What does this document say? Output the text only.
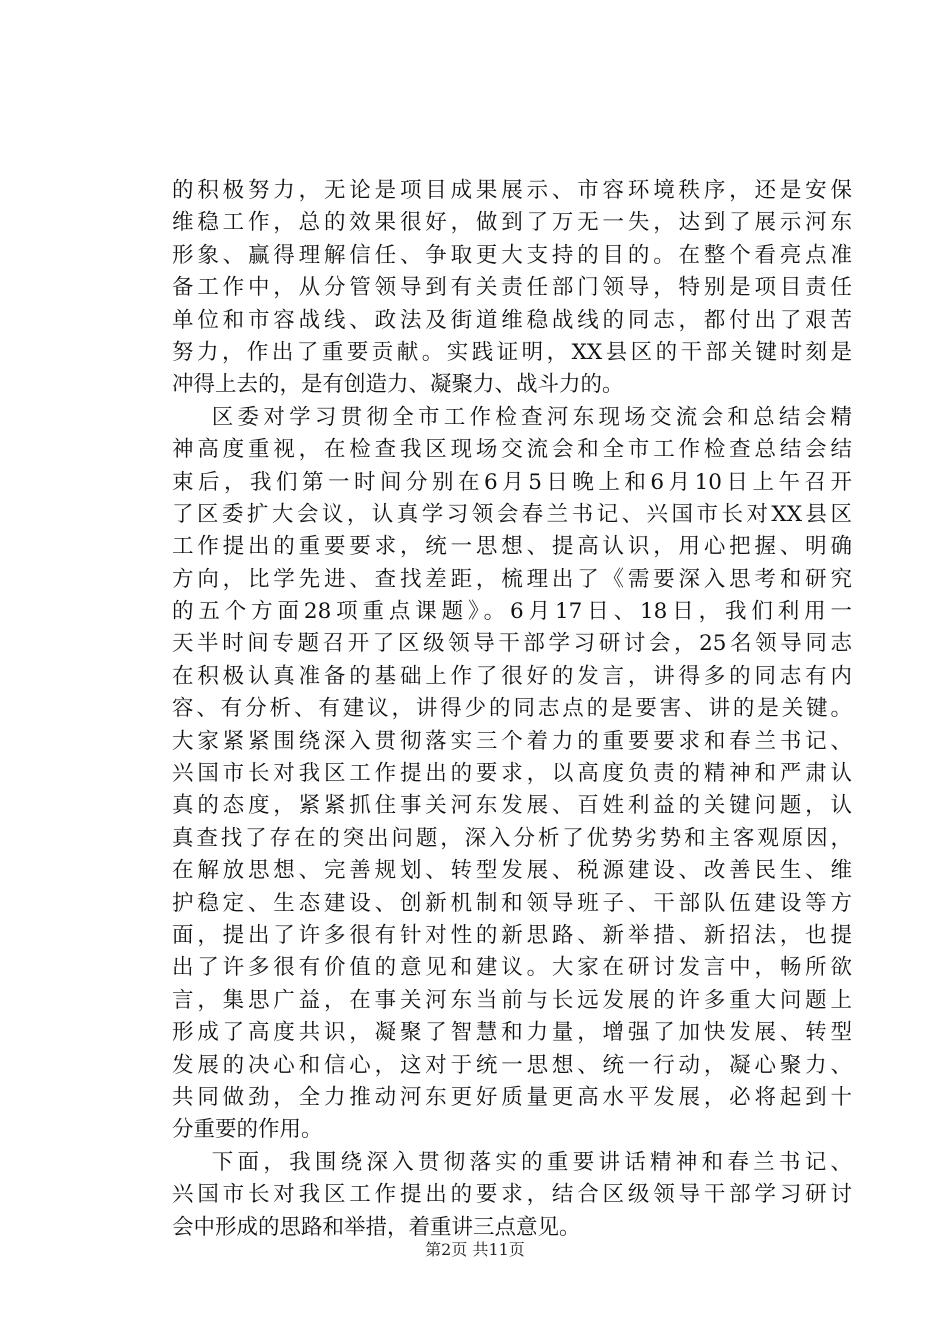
的积极努力，无论是项目成果展示、市容环境秩序，还是安保
维稳工作，总的效果很好，做到了万无一失，达到了展示河东
形象、赢得理解信任、争取更大支持的目的。在整个看亮点准
备工作中，从分管领导到有关责任部门领导，特别是项目责任
单位和市容战线、政法及街道维稳战线的同志，都付出了艰苦
努力，作出了重要贡献。实践证明，XX县区的干部关键时刻是
冲得上去的，是有创造力、凝聚力、战斗力的。
　区委对学习贯彻全市工作检查河东现场交流会和总结会精
神高度重视，在检查我区现场交流会和全市工作检查总结会结
束后，我们第一时间分别在6月5日晚上和6月10日上午召开
了区委扩大会议，认真学习领会春兰书记、兴国市长对XX县区
工作提出的重要要求，统一思想、提高认识，用心把握、明确
方向，比学先进、查找差距，梳理出了《需要深入思考和研究
的五个方面28项重点课题》。6月17日、18日，我们利用一
天半时间专题召开了区级领导干部学习研讨会，25名领导同志
在积极认真准备的基础上作了很好的发言，讲得多的同志有内
容、有分析、有建议，讲得少的同志点的是要害、讲的是关键。
大家紧紧围绕深入贯彻落实三个着力的重要要求和春兰书记、
兴国市长对我区工作提出的要求，以高度负责的精神和严肃认
真的态度，紧紧抓住事关河东发展、百姓利益的关键问题，认
真查找了存在的突出问题，深入分析了优势劣势和主客观原因，
在解放思想、完善规划、转型发展、税源建设、改善民生、维
护稳定、生态建设、创新机制和领导班子、干部队伍建设等方
面，提出了许多很有针对性的新思路、新举措、新招法，也提
出了许多很有价值的意见和建议。大家在研讨发言中，畅所欲
言，集思广益，在事关河东当前与长远发展的许多重大问题上
形成了高度共识，凝聚了智慧和力量，增强了加快发展、转型
发展的决心和信心，这对于统一思想、统一行动，凝心聚力、
共同做劲，全力推动河东更好质量更高水平发展，必将起到十
分重要的作用。
　下面，我围绕深入贯彻落实的重要讲话精神和春兰书记、
兴国市长对我区工作提出的要求，结合区级领导干部学习研讨
会中形成的思路和举措，着重讲三点意见。
第2页 共11页
